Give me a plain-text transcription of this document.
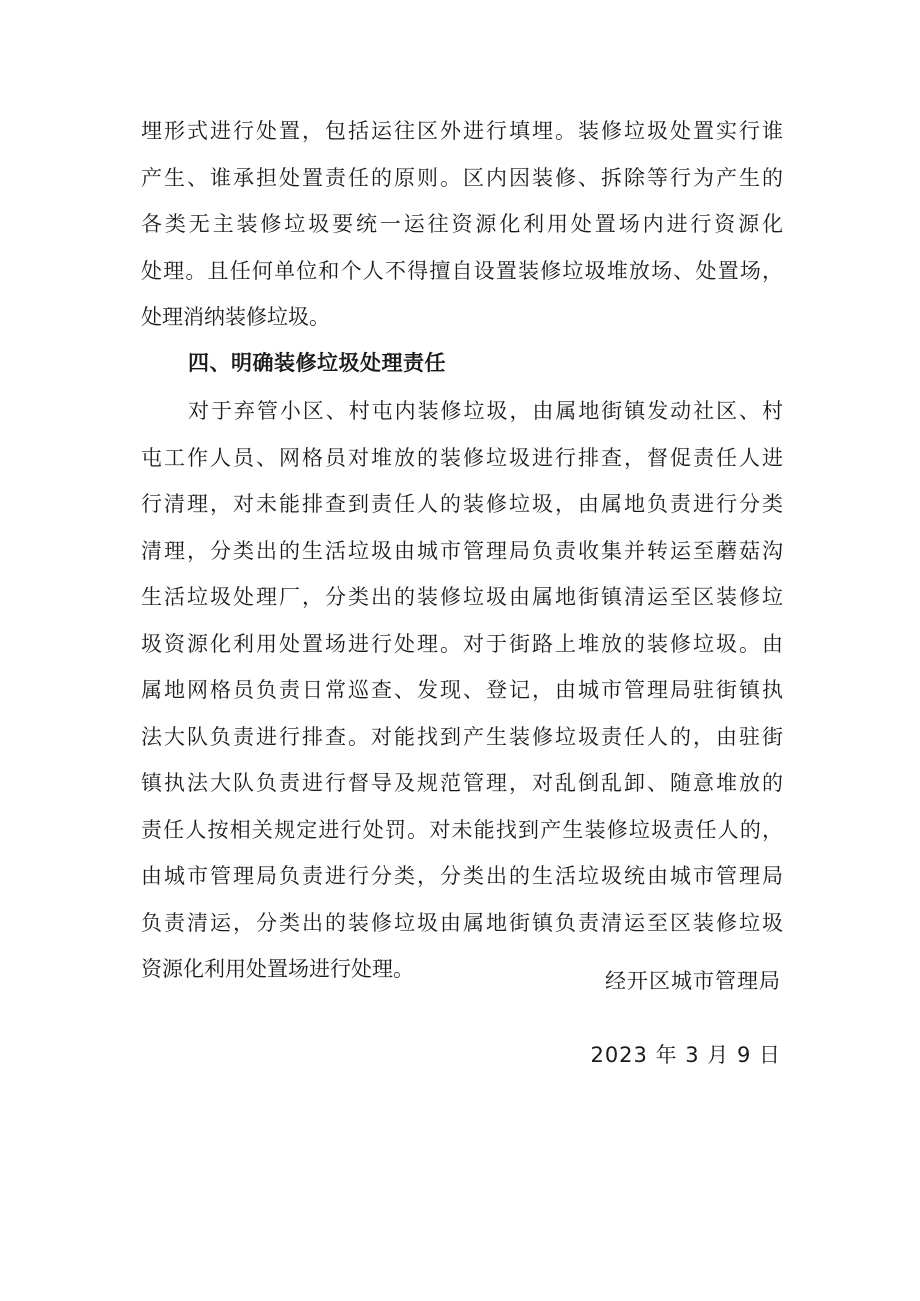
埋形式进行处置，包括运往区外进行填埋。装修垃圾处置实行谁
产生、谁承担处置责任的原则。区内因装修、拆除等行为产生的
各类无主装修垃圾要统一运往资源化利用处置场内进行资源化
处理。且任何单位和个人不得擅自设置装修垃圾堆放场、处置场，
处理消纳装修垃圾。
四、明确装修垃圾处理责任
对于弃管小区、村屯内装修垃圾，由属地街镇发动社区、村
屯工作人员、网格员对堆放的装修垃圾进行排查，督促责任人进
行清理，对未能排查到责任人的装修垃圾，由属地负责进行分类
清理，分类出的生活垃圾由城市管理局负责收集并转运至蘑菇沟
生活垃圾处理厂，分类出的装修垃圾由属地街镇清运至区装修垃
圾资源化利用处置场进行处理。对于街路上堆放的装修垃圾。由
属地网格员负责日常巡查、发现、登记，由城市管理局驻街镇执
法大队负责进行排查。对能找到产生装修垃圾责任人的，由驻街
镇执法大队负责进行督导及规范管理，对乱倒乱卸、随意堆放的
责任人按相关规定进行处罚。对未能找到产生装修垃圾责任人的，
由城市管理局负责进行分类，分类出的生活垃圾统由城市管理局
负责清运，分类出的装修垃圾由属地街镇负责清运至区装修垃圾
资源化利用处置场进行处理。	经开区城市管理局
2023 年 3 月 9 日
